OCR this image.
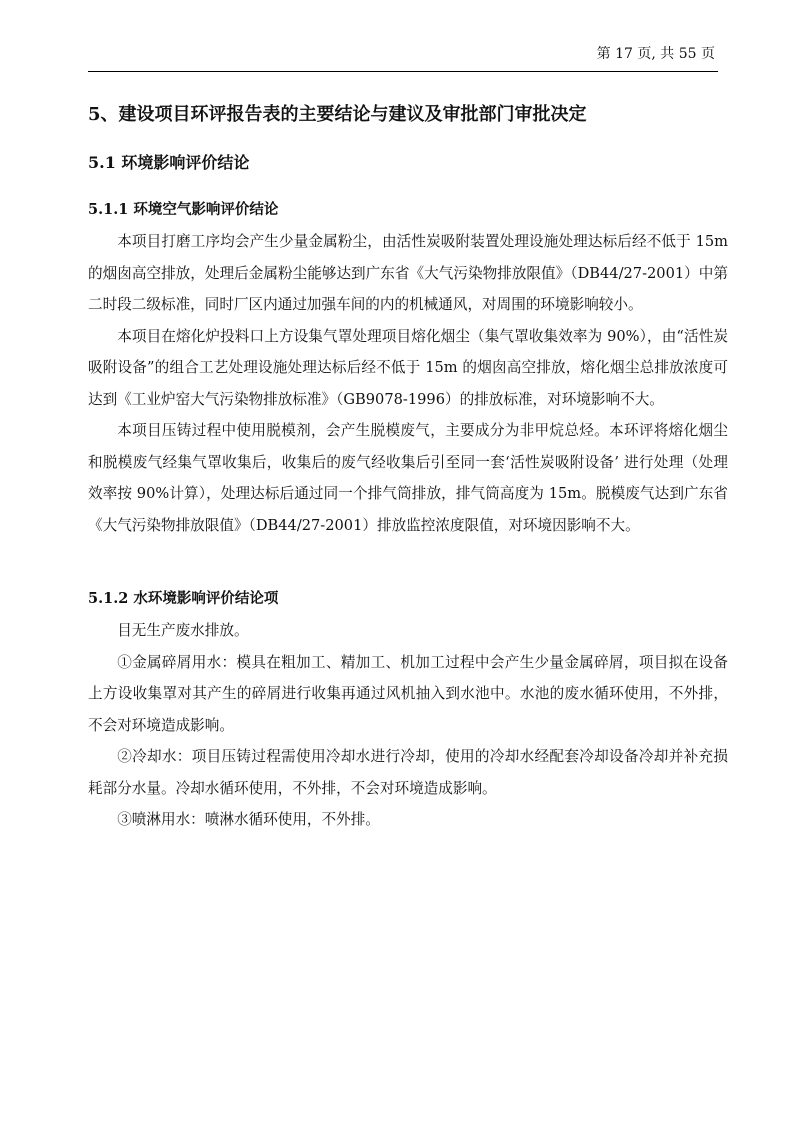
第 17 页, 共 55 页
5、建设项目环评报告表的主要结论与建议及审批部门审批决定
5.1 环境影响评价结论
5.1.1 环境空气影响评价结论

本项目打磨工序均会产生少量金属粉尘，由活性炭吸附装置处理设施处理达标后经不低于 15m 的烟囱高空排放，处理后金属粉尘能够达到广东省《大气污染物排放限值》（DB44/27-2001）中第二时段二级标准，同时厂区内通过加强车间的内的机械通风，对周围的环境影响较小。

本项目在熔化炉投料口上方设集气罩处理项目熔化烟尘（集气罩收集效率为 90%），由“活性炭吸附设备”的组合工艺处理设施处理达标后经不低于 15m 的烟囱高空排放，熔化烟尘总排放浓度可达到《工业炉窑大气污染物排放标准》（GB9078-1996）的排放标准，对环境影响不大。

本项目压铸过程中使用脱模剂，会产生脱模废气，主要成分为非甲烷总烃。本环评将熔化烟尘和脱模废气经集气罩收集后，收集后的废气经收集后引至同一套‘活性炭吸附设备’ 进行处理（处理效率按 90%计算），处理达标后通过同一个排气筒排放，排气筒高度为 15m。脱模废气达到广东省《大气污染物排放限值》（DB44/27-2001）排放监控浓度限值，对环境因影响不大。

5.1.2 水环境影响评价结论项

目无生产废水排放。

①金属碎屑用水：模具在粗加工、精加工、机加工过程中会产生少量金属碎屑，项目拟在设备上方设收集罩对其产生的碎屑进行收集再通过风机抽入到水池中。水池的废水循环使用，不外排，不会对环境造成影响。

②冷却水：项目压铸过程需使用冷却水进行冷却，使用的冷却水经配套冷却设备冷却并补充损耗部分水量。冷却水循环使用，不外排，不会对环境造成影响。

③喷淋用水：喷淋水循环使用，不外排。
